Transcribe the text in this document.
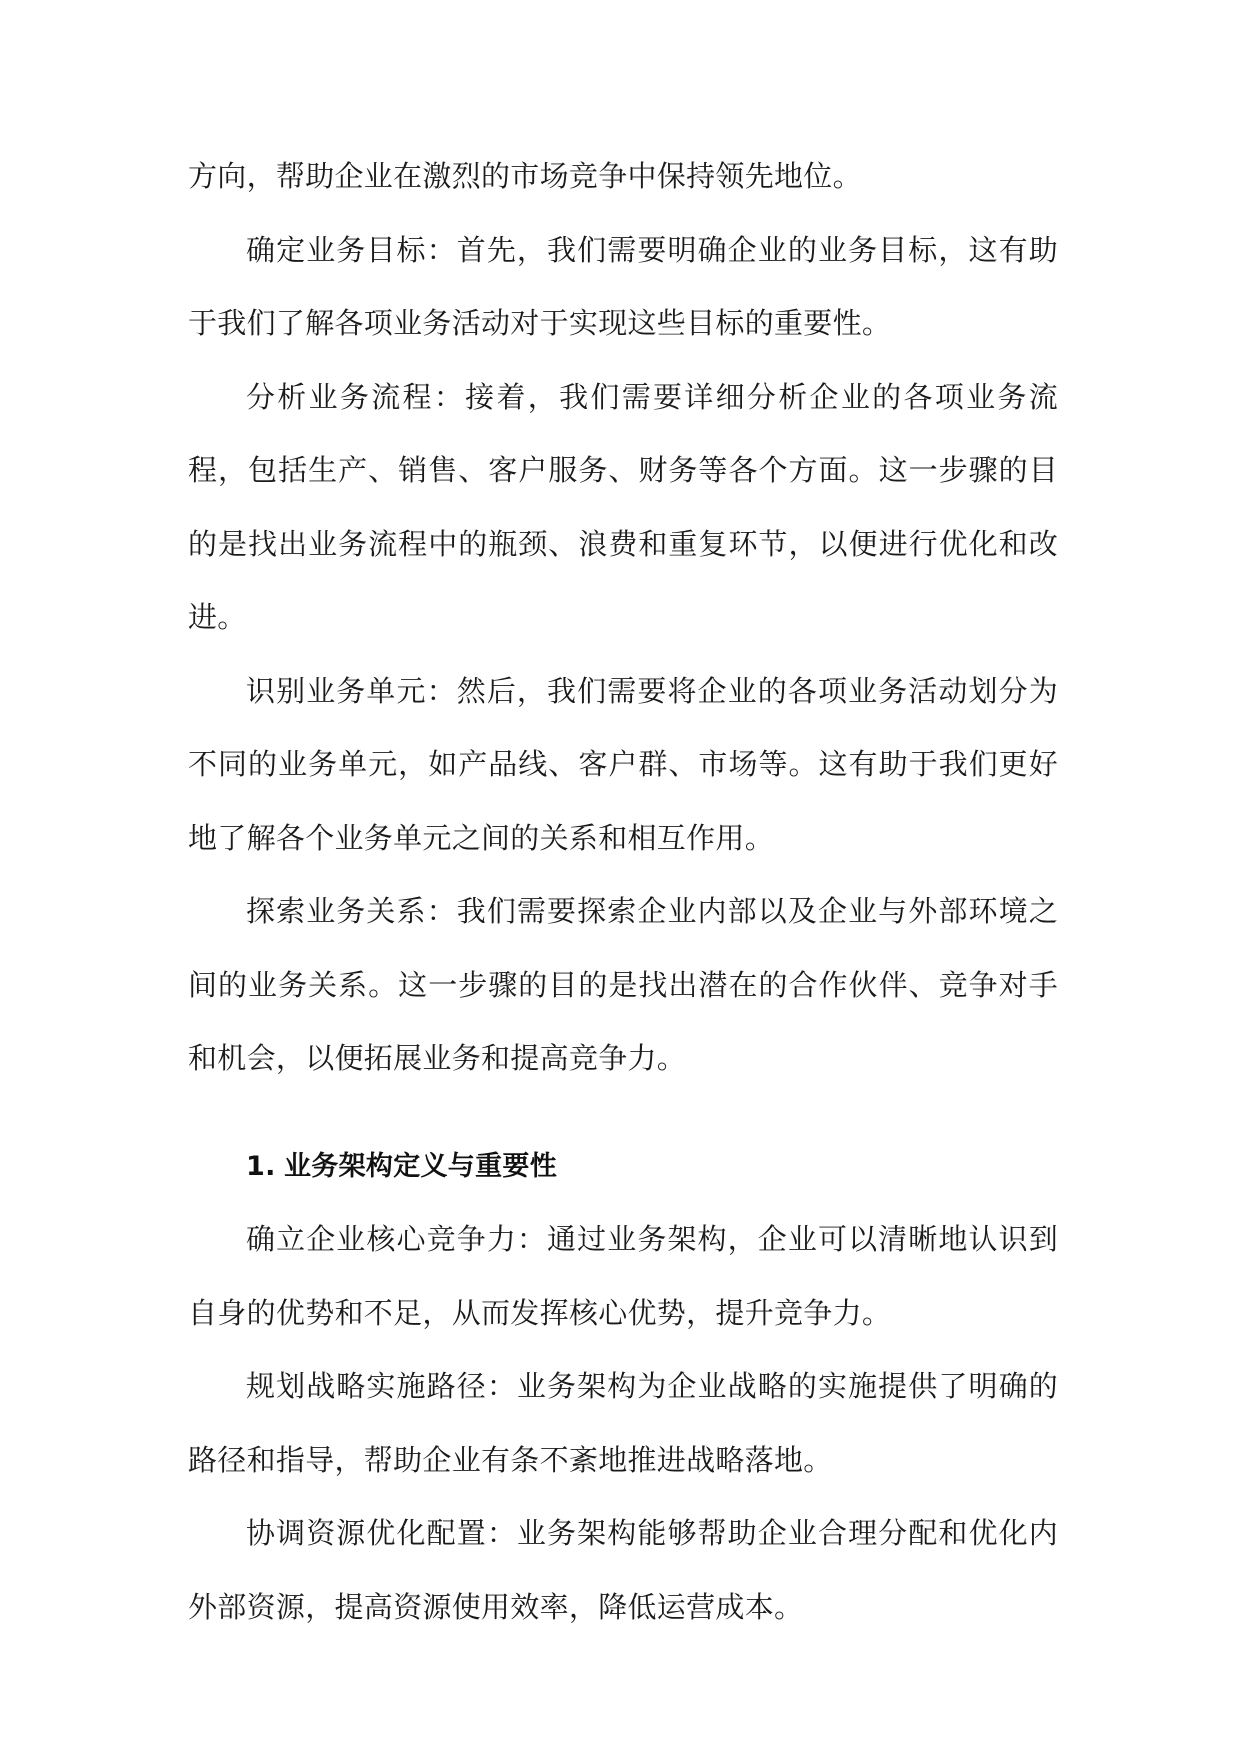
方向，帮助企业在激烈的市场竞争中保持领先地位。

确定业务目标：首先，我们需要明确企业的业务目标，这有助于我们了解各项业务活动对于实现这些目标的重要性。

分析业务流程：接着，我们需要详细分析企业的各项业务流程，包括生产、销售、客户服务、财务等各个方面。这一步骤的目的是找出业务流程中的瓶颈、浪费和重复环节，以便进行优化和改进。

识别业务单元：然后，我们需要将企业的各项业务活动划分为不同的业务单元，如产品线、客户群、市场等。这有助于我们更好地了解各个业务单元之间的关系和相互作用。

探索业务关系：我们需要探索企业内部以及企业与外部环境之间的业务关系。这一步骤的目的是找出潜在的合作伙伴、竞争对手和机会，以便拓展业务和提高竞争力。

1. 业务架构定义与重要性

确立企业核心竞争力：通过业务架构，企业可以清晰地认识到自身的优势和不足，从而发挥核心优势，提升竞争力。

规划战略实施路径：业务架构为企业战略的实施提供了明确的路径和指导，帮助企业有条不紊地推进战略落地。

协调资源优化配置：业务架构能够帮助企业合理分配和优化内外部资源，提高资源使用效率，降低运营成本。
